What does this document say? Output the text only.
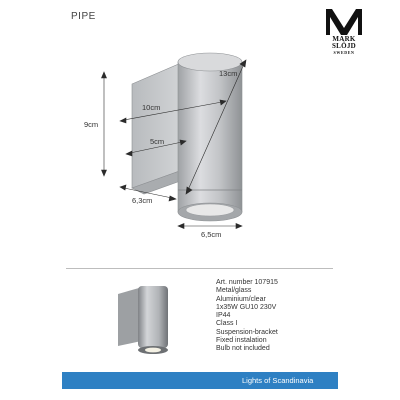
PIPE
MARK
SLÖJD
SWEDEN
9cm
10cm
5cm
13cm
6,3cm
6,5cm
Art. number 107915
Metal/glass
Aluminium/clear
1x35W GU10 230V
IP44
Class I
Suspension-bracket
Fixed instalation
Bulb not included
Lights of Scandinavia
